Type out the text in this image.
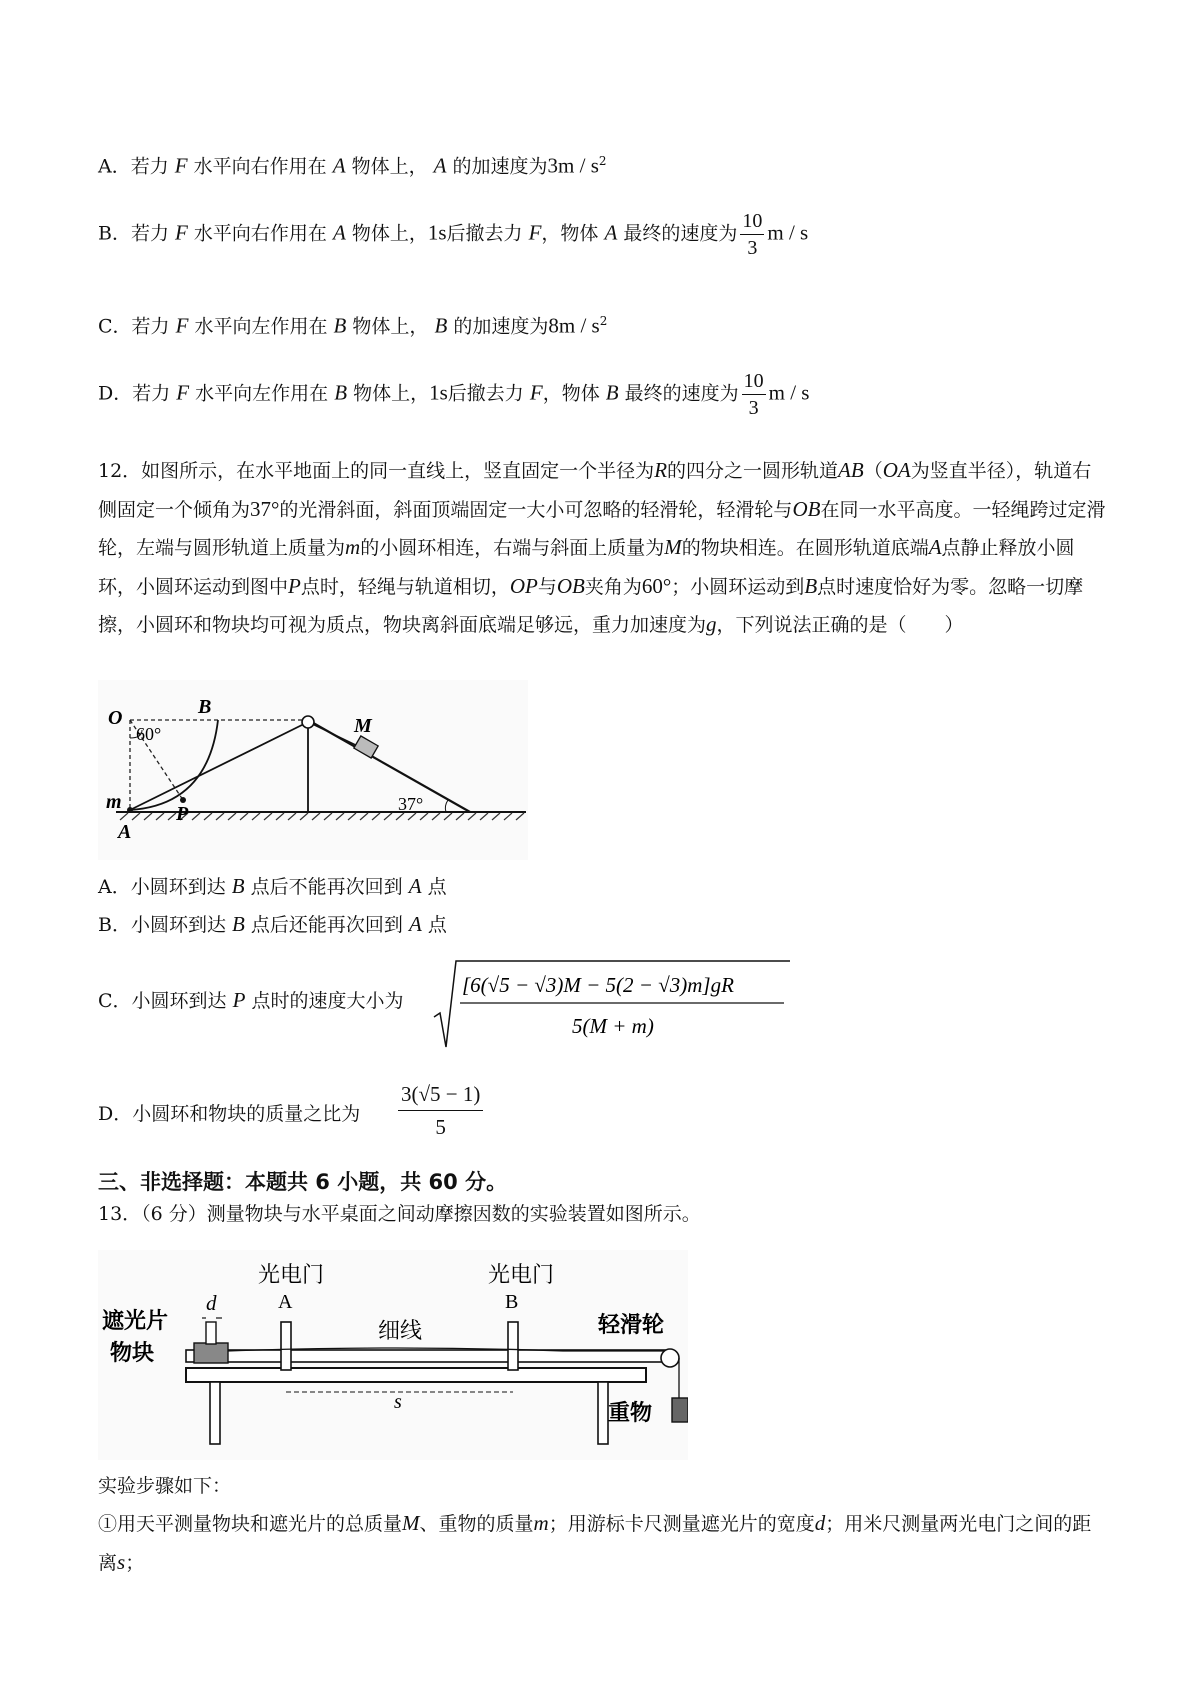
A．若力 F 水平向右作用在 A 物体上， A 的加速度为$3m / s^2$
B．若力 F 水平向右作用在 A 物体上，1s后撤去力 F，物体 A 最终的速度为 $\frac{10}{3}$ m / s
C．若力 F 水平向左作用在 B 物体上， B 的加速度为$8m / s^2$
D．若力 F 水平向左作用在 B 物体上，1s后撤去力 F，物体 B 最终的速度为 $\frac{10}{3}$ m / s
12．如图所示，在水平地面上的同一直线上，竖直固定一个半径为R的四分之一圆形轨道AB（OA为竖直半径），轨道右侧固定一个倾角为37°的光滑斜面，斜面顶端固定一大小可忽略的轻滑轮，轻滑轮与OB在同一水平高度。一轻绳跨过定滑轮，左端与圆形轨道上质量为m的小圆环相连，右端与斜面上质量为M的物块相连。在圆形轨道底端A点静止释放小圆环，小圆环运动到图中P点时，轻绳与轨道相切，OP与OB夹角为60°；小圆环运动到B点时速度恰好为零。忽略一切摩擦，小圆环和物块均可视为质点，物块离斜面底端足够远，重力加速度为g，下列说法正确的是（　　）
O	B
60°	M
m
P
A
37°
A．小圆环到达 B 点后不能再次回到 A 点
B．小圆环到达 B 点后还能再次回到 A 点
C．小圆环到达 P 点时的速度大小为
[6(√5 − √3)M − 5(2 − √3)m]gR
5(M + m)
D．小圆环和物块的质量之比为 $\frac{3(√5 - 1)}{5}$
三、非选择题：本题共 6 小题，共 60 分。
13．（6 分）测量物块与水平桌面之间动摩擦因数的实验装置如图所示。
光电门
A
光电门
B
遮光片
d
物块
细线	轻滑轮
s	重物
实验步骤如下：
①用天平测量物块和遮光片的总质量M、重物的质量m；用游标卡尺测量遮光片的宽度d；用米尺测量两光电门之间的距离s；
